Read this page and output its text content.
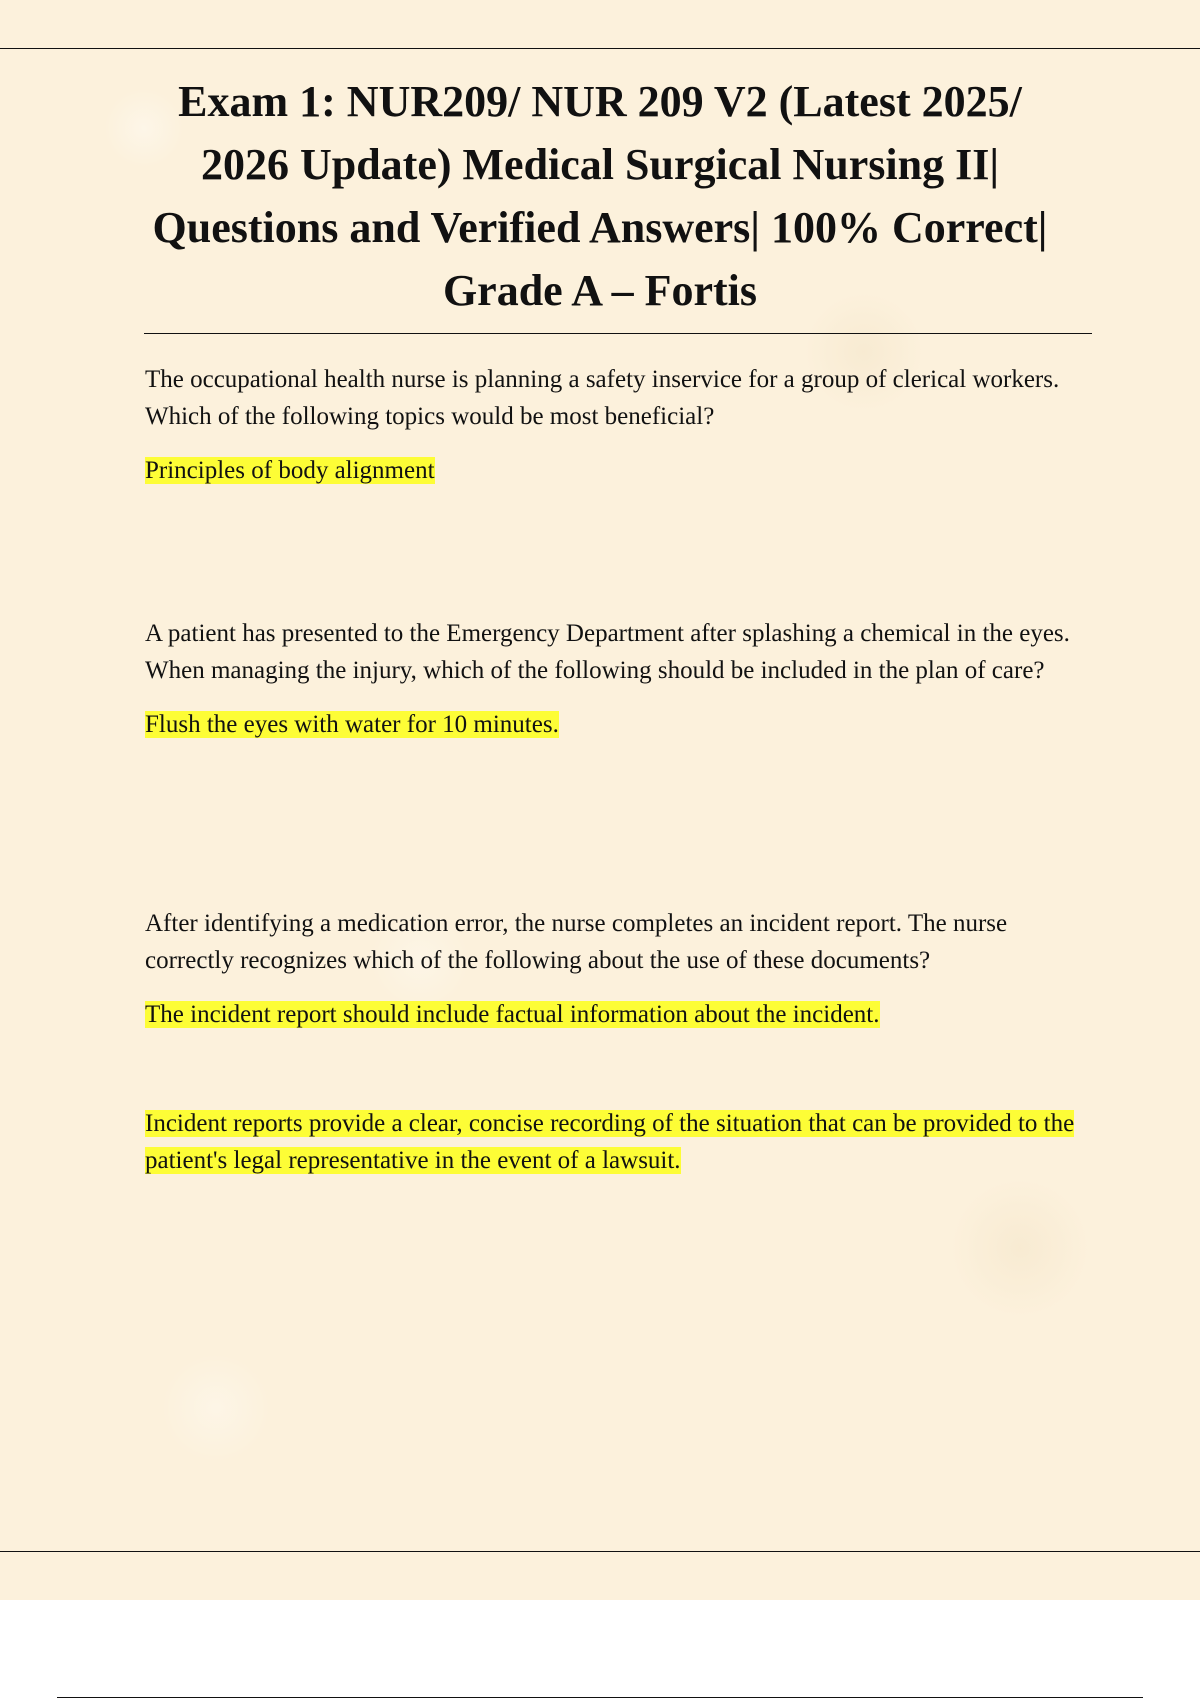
Exam 1: NUR209/ NUR 209 V2 (Latest 2025/ 2026 Update) Medical Surgical Nursing II| Questions and Verified Answers| 100% Correct| Grade A – Fortis

The occupational health nurse is planning a safety inservice for a group of clerical workers. Which of the following topics would be most beneficial?

Principles of body alignment

A patient has presented to the Emergency Department after splashing a chemical in the eyes. When managing the injury, which of the following should be included in the plan of care?

Flush the eyes with water for 10 minutes.

After identifying a medication error, the nurse completes an incident report. The nurse correctly recognizes which of the following about the use of these documents?

The incident report should include factual information about the incident.

Incident reports provide a clear, concise recording of the situation that can be provided to the patient's legal representative in the event of a lawsuit.
